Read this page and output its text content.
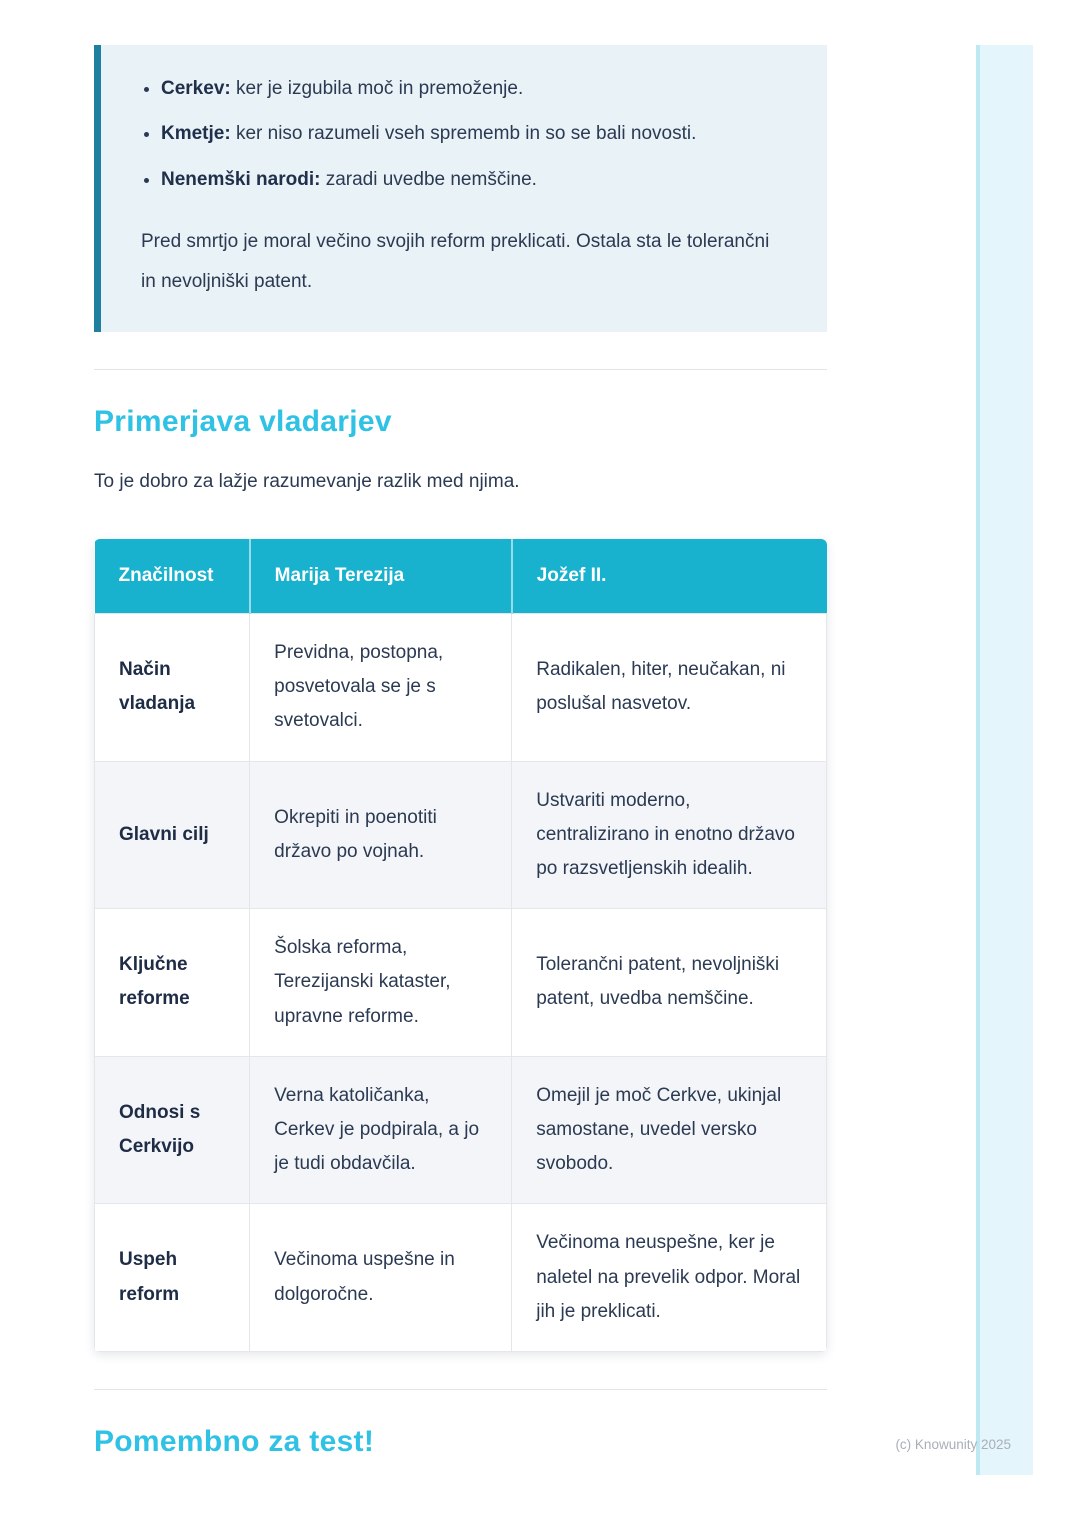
• Cerkev: ker je izgubila moč in premoženje.
• Kmetje: ker niso razumeli vseh sprememb in so se bali novosti.
• Nenemški narodi: zaradi uvedbe nemščine.

Pred smrtjo je moral večino svojih reform preklicati. Ostala sta le tolerančni in nevoljniški patent.

Primerjava vladarjev

To je dobro za lažje razumevanje razlik med njima.

Značilnost	Marija Terezija	Jožef II.
Način vladanja	Previdna, postopna, posvetovala se je s svetovalci.	Radikalen, hiter, neučakan, ni poslušal nasvetov.
Glavni cilj	Okrepiti in poenotiti državo po vojnah.	Ustvariti moderno, centralizirano in enotno državo po razsvetljenskih idealih.
Ključne reforme	Šolska reforma, Terezijanski kataster, upravne reforme.	Tolerančni patent, nevoljniški patent, uvedba nemščine.
Odnosi s Cerkvijo	Verna katoličanka, Cerkev je podpirala, a jo je tudi obdavčila.	Omejil je moč Cerkve, ukinjal samostane, uvedel versko svobodo.
Uspeh reform	Večinoma uspešne in dolgoročne.	Večinoma neuspešne, ker je naletel na prevelik odpor. Moral jih je preklicati.
Pomembno za test!	(c) Knowunity 2025
